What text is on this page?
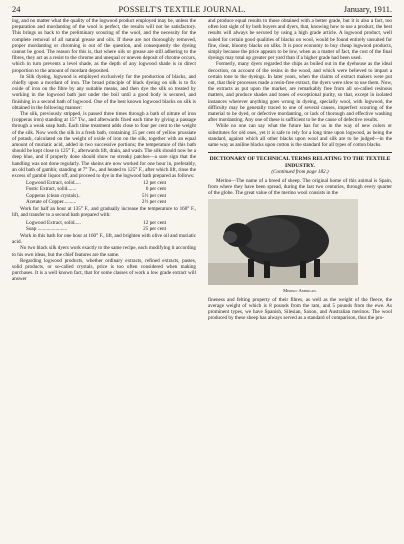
24	POSSELT'S TEXTILE JOURNAL.	January, 1911.

ing, and no matter what the quality of the logwood product employed may be, unless the preparation and mordanting of the wool is perfect, the results will not be satisfactory. This brings us back to the preliminary scouring of the wool, and the necessity for the complete removal of all natural grease and oils. If these are not thoroughly removed, proper mordanting or chroming is out of the question, and consequently the dyeing cannot be good. The reason for this is, that where oils or grease are still adhering to the fibres, they act as a resist to the chrome and unequal or uneven deposit of chrome occurs, which in turn prevents a level shade, as the depth of any logwood shade is in direct proportion to the amount of mordant deposited.

In Silk dyeing, logwood is employed exclusively for the production of blacks, and chiefly upon a mordant of iron. The broad principle of black dyeing on silk is to fix oxide of iron on the fibre by any suitable means, and then dye the silk so treated by working in the logwood bath just under the boil until a good body is secured, and finishing in a second bath of logwood. One of the best known logwood blacks on silk is obtained in the following manner:

The silk, previously stripped, is passed three times through a bath of nitrate of iron (copperas iron) standing at 15° Tw., and afterwards fixed each time by giving a passage through a weak soap bath. Each time treatment adds close to four per cent to the weight of the silk. Now work the silk in a fresh bath, containing 15 per cent of yellow prussiate of potash, calculated on the weight of oxide of iron on the silk, together with an equal amount of muriatic acid, added in two successive portions; the temperature of this bath should be kept close to 125° F., afterwards lift, drain, and wash. The silk should now be a deep blue, and if properly done should show no streaky patches—a sure sign that the handling was not done regularly. The skeins are now worked for one hour in, preferably, an old bath of gambir, standing at 7° Tw., and heated to 125° F., after which lift, rinse the excess of gambir liquor off, and proceed to dye in the logwood bath prepared as follows:

Logwood Extract, solid.....	12 per cent
Fustic Extract, solid.......	6 per cent
Copperas (clean crystals)..	5½ per cent
Acetate of Copper..........	2½ per cent

Work for half an hour at 135° F., and gradually increase the temperature to 160° F., lift, and transfer to a second bath prepared with:

Logwood Extract, solid.....	12 per cent
Soap .......................	25 per cent

Work in this bath for one hour at 160° F., lift, and brighten with olive oil and muriatic acid.

No two black silk dyers work exactly to the same recipe, each modifying it according to his own ideas, but the chief features are the same.

Regarding logwood products, whether ordinary extracts, refined extracts, pastes, solid products, or so-called crystals, price is too often considered when making purchases. It is a well known fact, that for some classes of work a low grade extract will answer

and produce equal results to those obtained with a better grade, but it is also a fact, too often lost sight of by both buyers and dyers, that, knowing how to use a product, the best results will always be secured by using a high grade article. A logwood product, well suited for certain good qualities of blacks on wool, would be found entirely unsuited for fine, clear, bloomy blacks on silks. It is poor economy to buy cheap logwood products, simply because the price appears to be low, when as a matter of fact, the cost of the final dyeings may total up greater per yard than if a higher grade had been used.

Formerly, many dyers regarded the chips as boiled out in the dyehouse as the ideal decoction, on account of the resins in the wood, and which were believed to impart a certain tone to the dyeings. In later years, when the claims of extract makers were put out, that their processes made a resin-free extract, the dyers were slow to use them. Now, the extracts as put upon the market, are remarkably free from all so-called resinous matters, and produce shades and tones of exceptional purity, so that, except in isolated instances wherever anything goes wrong in dyeing, specially wool, with logwood, the difficulty may be generally traced to one of several causes, imperfect scouring of the material to be dyed, or defective mordanting, or lack of thorough and effective washing after mordanting. Any one of these is sufficient to be the cause of defective results.

While no one can say what the future has for us in the way of new colors or substitutes for old ones, yet it is safe to rely for a long time upon logwood, as being the standard, against which all other blacks upon wool and silk are to be judged—in the same way as aniline blacks upon cotton is the standard for all types of cotton blacks.

DICTIONARY OF TECHNICAL TERMS RELATING TO THE TEXTILE INDUSTRY.
(Continued from page 182.)

Merino—The name of a breed of sheep. The original home of this animal is Spain, from where they have been spread, during the last two centuries, through every quarter of the globe. The great value of the merino wool consists in the

Merino: American.

fineness and felting property of their fibres, as well as the weight of the fleece, the average weight of which is 8 pounds from the ram, and 5 pounds from the ewe. As prominent types, we have Spanish, Silesian, Saxon, and Australian merinos. The wool produced by these sheep has always served as a standard of comparison, thus the pro-
